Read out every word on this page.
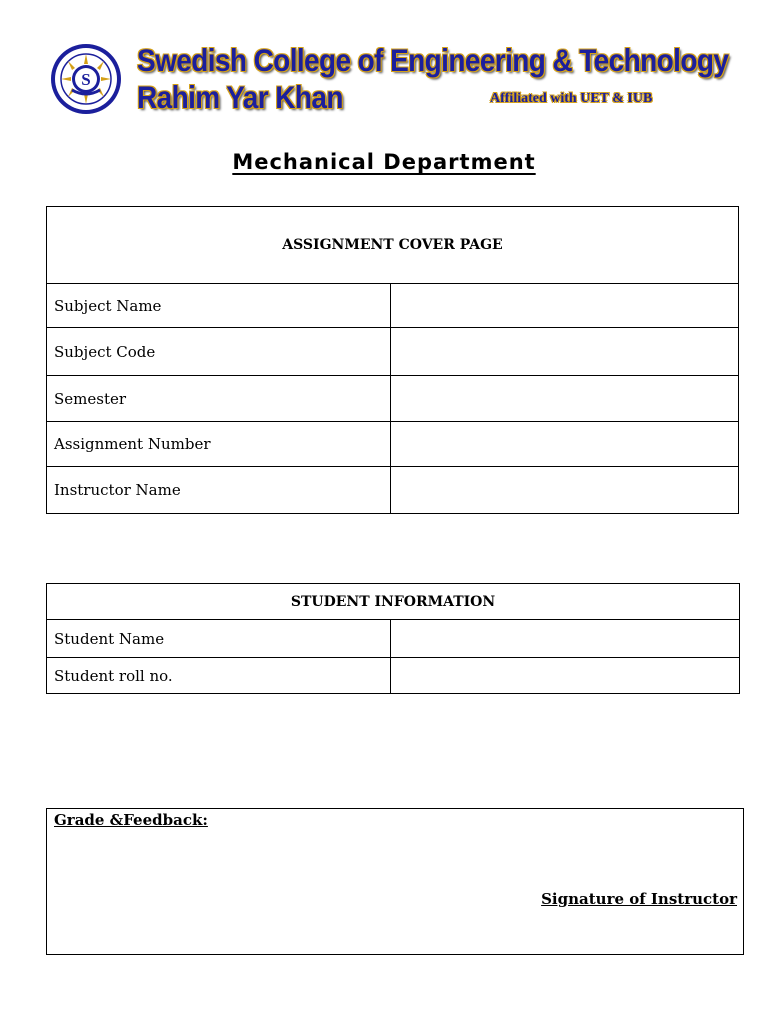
S
Swedish College of Engineering & Technology
Rahim Yar Khan	Affiliated with UET & IUB
Mechanical Department
ASSIGNMENT COVER PAGE	
Subject Name	
Subject Code	
Semester	
Assignment Number	
Instructor Name	
STUDENT INFORMATION	
Student Name	
Student roll no.	
Grade &Feedback:
Signature of Instructor
